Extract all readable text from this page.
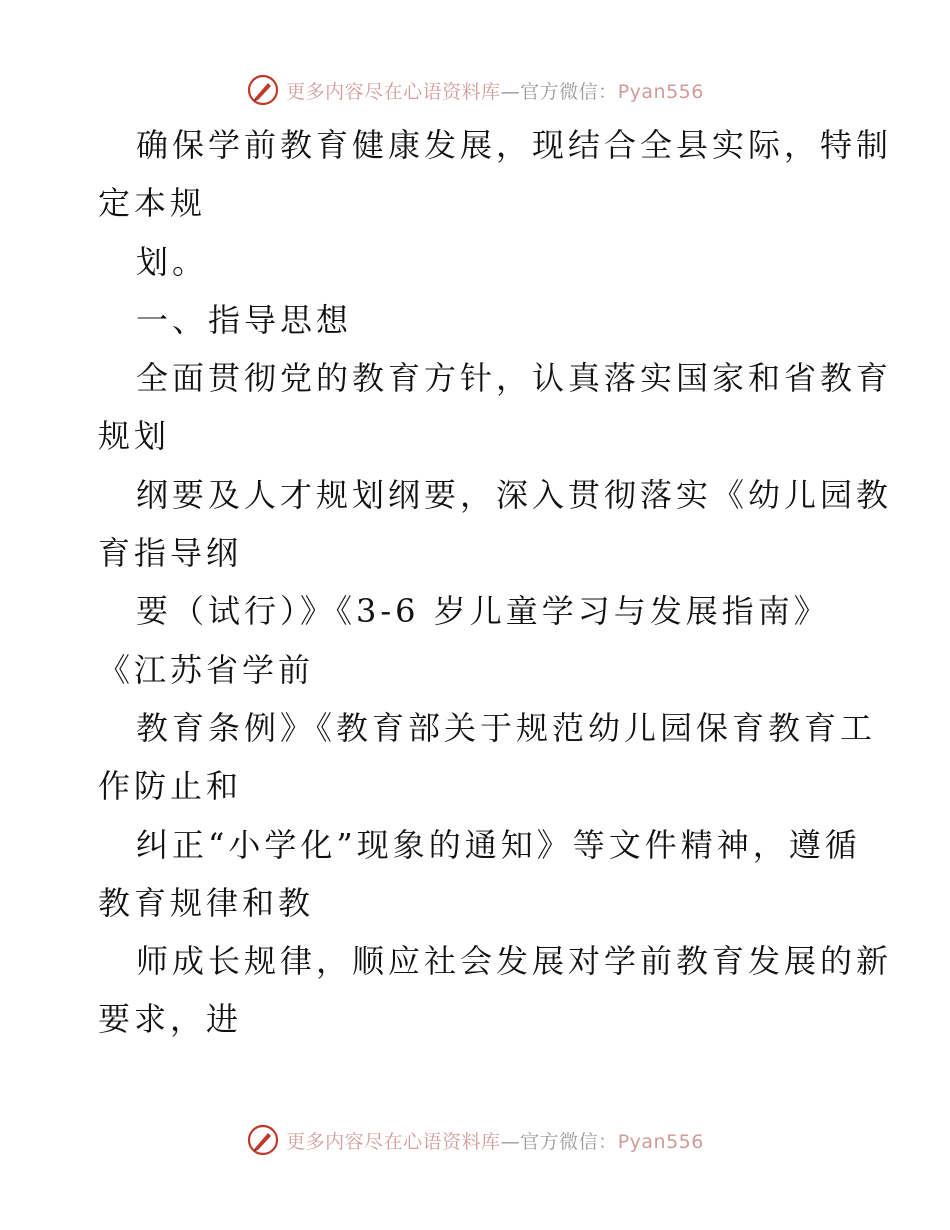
更多内容尽在心语资料库—官方微信：Pyan556
确保学前教育健康发展，现结合全县实际，特制
定本规
划。
一、指导思想
全面贯彻党的教育方针，认真落实国家和省教育
规划
纲要及人才规划纲要，深入贯彻落实《幼儿园教
育指导纲
要（试行）》《3-6 岁儿童学习与发展指南》
《江苏省学前
教育条例》《教育部关于规范幼儿园保育教育工
作防止和
纠正“小学化”现象的通知》等文件精神，遵循
教育规律和教
师成长规律，顺应社会发展对学前教育发展的新
要求，进
更多内容尽在心语资料库—官方微信：Pyan556
